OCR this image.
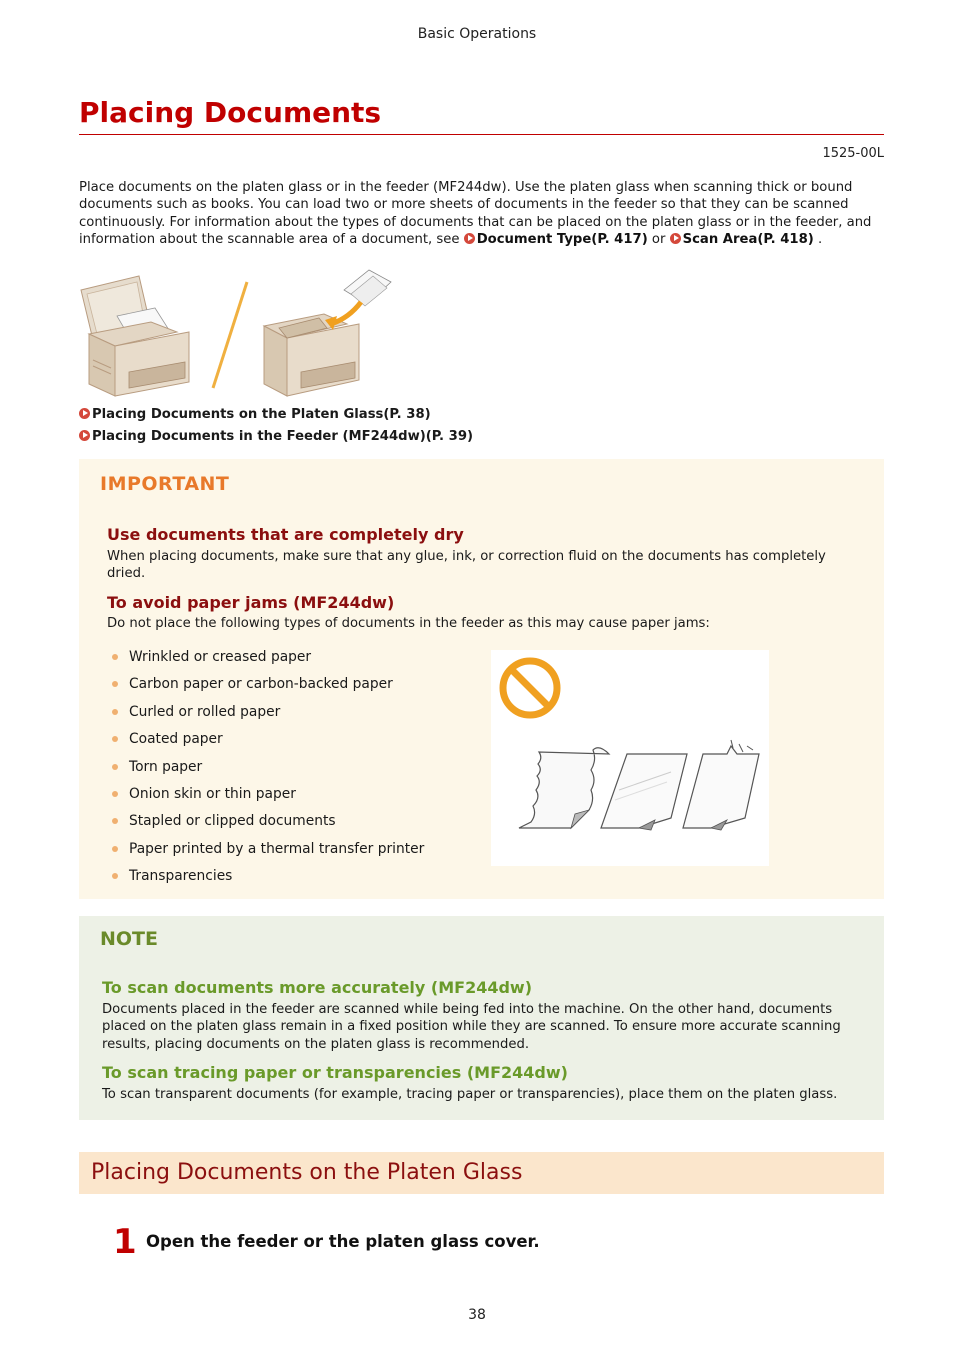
Basic Operations
Placing Documents
1525-00L
Place documents on the platen glass or in the feeder (MF244dw). Use the platen glass when scanning thick or bound documents such as books. You can load two or more sheets of documents in the feeder so that they can be scanned continuously. For information about the types of documents that can be placed on the platen glass or in the feeder, and information about the scannable area of a document, see Document Type(P. 417) or Scan Area(P. 418) .
Placing Documents on the Platen Glass(P. 38)
Placing Documents in the Feeder (MF244dw)(P. 39)
IMPORTANT
Use documents that are completely dry
When placing documents, make sure that any glue, ink, or correction fluid on the documents has completely dried.
To avoid paper jams (MF244dw)
Do not place the following types of documents in the feeder as this may cause paper jams:
Wrinkled or creased paper
Carbon paper or carbon-backed paper
Curled or rolled paper
Coated paper
Torn paper
Onion skin or thin paper
Stapled or clipped documents
Paper printed by a thermal transfer printer
Transparencies
NOTE
To scan documents more accurately (MF244dw)
Documents placed in the feeder are scanned while being fed into the machine. On the other hand, documents placed on the platen glass remain in a fixed position while they are scanned. To ensure more accurate scanning results, placing documents on the platen glass is recommended.
To scan tracing paper or transparencies (MF244dw)
To scan transparent documents (for example, tracing paper or transparencies), place them on the platen glass.
Placing Documents on the Platen Glass
1 Open the feeder or the platen glass cover.
38
